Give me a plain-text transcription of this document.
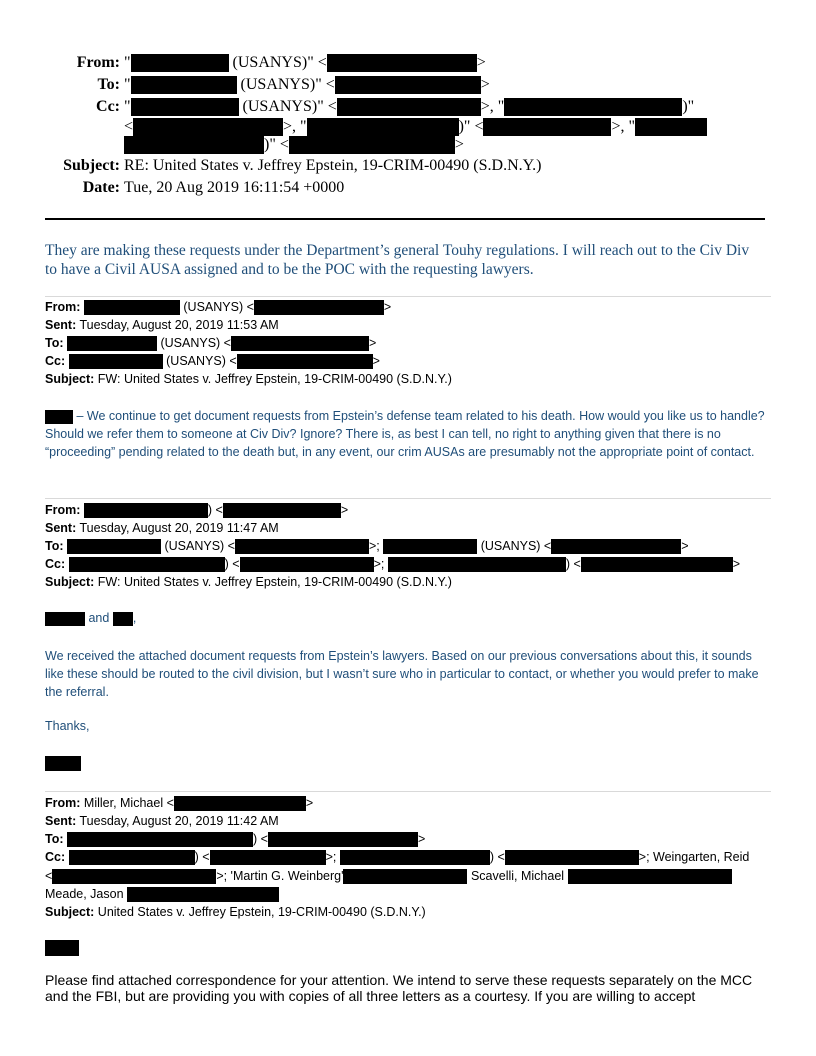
From: "	(USANYS)" <	>
To: "	(USANYS)" <	>
Cc: "	(USANYS)" <	>, "	)"
<	>, "	)" <	>, "
)" <	>
Subject: RE: United States v. Jeffrey Epstein, 19-CRIM-00490 (S.D.N.Y.)
Date: Tue, 20 Aug 2019 16:11:54 +0000
They are making these requests under the Department’s general Touhy regulations. I will reach out to the Civ Div to have a Civil AUSA assigned and to be the POC with the requesting lawyers.
From:	(USANYS) <	>
Sent: Tuesday, August 20, 2019 11:53 AM
To:	(USANYS) <	>
Cc:	(USANYS) <	>
Subject: FW: United States v. Jeffrey Epstein, 19-CRIM-00490 (S.D.N.Y.)
– We continue to get document requests from Epstein’s defense team related to his death. How would you like us to handle? Should we refer them to someone at Civ Div? Ignore? There is, as best I can tell, no right to anything given that there is no “proceeding” pending related to the death but, in any event, our crim AUSAs are presumably not the appropriate point of contact.
From:	) <	>
Sent: Tuesday, August 20, 2019 11:47 AM
To:	(USANYS) <	>;	(USANYS) <	>
Cc:	) <	>;	) <	>
Subject: FW: United States v. Jeffrey Epstein, 19-CRIM-00490 (S.D.N.Y.)
and ,
We received the attached document requests from Epstein’s lawyers. Based on our previous conversations about this, it sounds like these should be routed to the civil division, but I wasn’t sure who in particular to contact, or whether you would prefer to make the referral.
Thanks,
From: Miller, Michael <	>
Sent: Tuesday, August 20, 2019 11:42 AM
To:	) <	>
Cc:	) <	>;	) <	>; Weingarten, Reid
<	>; 'Martin G. Weinberg'	Scavelli, Michael
Meade, Jason
Subject: United States v. Jeffrey Epstein, 19-CRIM-00490 (S.D.N.Y.)
Please find attached correspondence for your attention. We intend to serve these requests separately on the MCC and the FBI, but are providing you with copies of all three letters as a courtesy. If you are willing to accept
